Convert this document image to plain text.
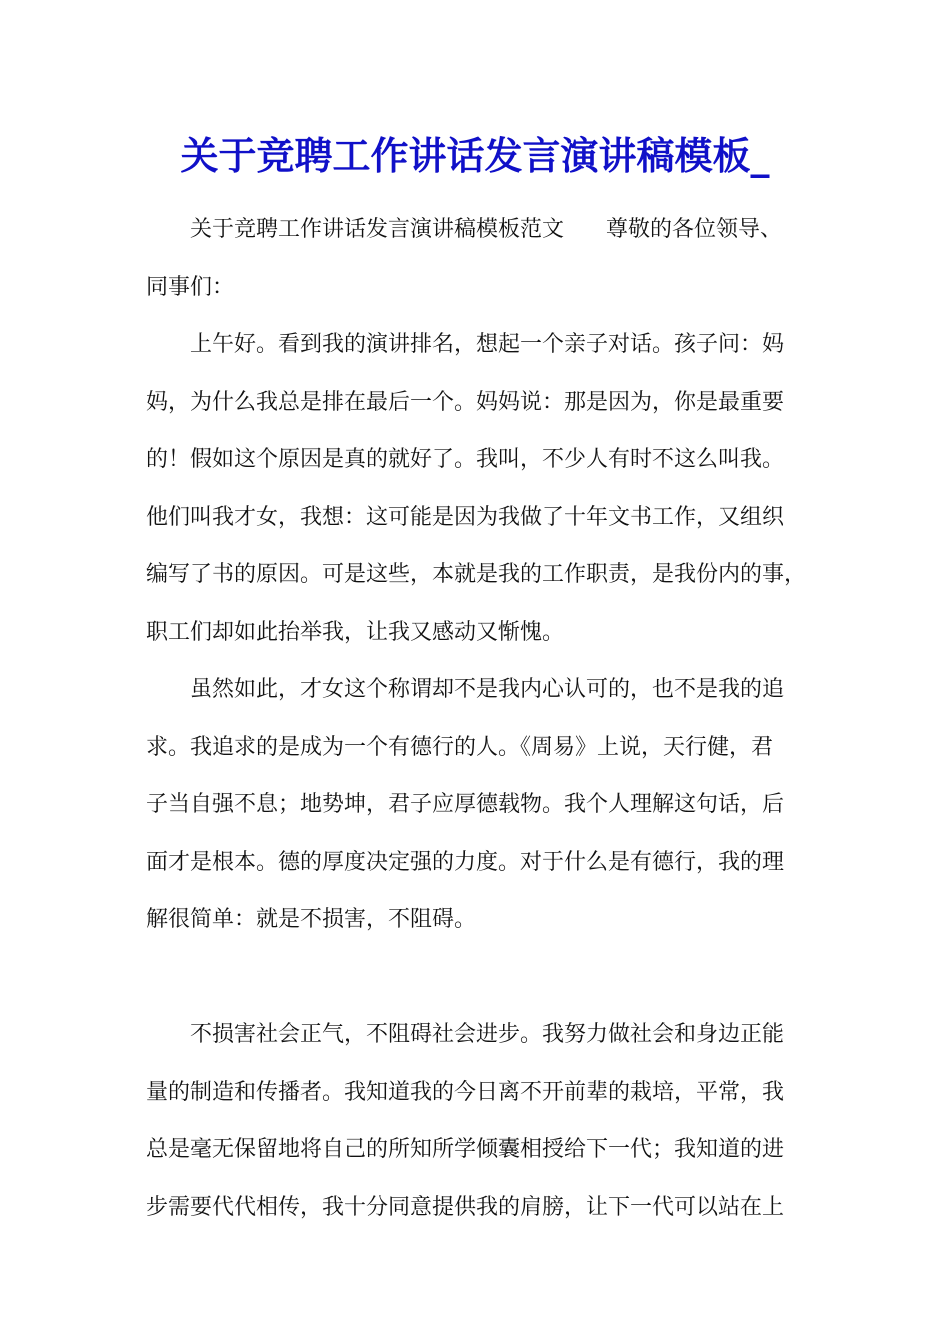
关于竞聘工作讲话发言演讲稿模板_
关于竞聘工作讲话发言演讲稿模板范文 尊敬的各位领导、
同事们：
上午好。看到我的演讲排名，想起一个亲子对话。孩子问：妈
妈，为什么我总是排在最后一个。妈妈说：那是因为，你是最重要
的！假如这个原因是真的就好了。我叫，不少人有时不这么叫我。
他们叫我才女，我想：这可能是因为我做了十年文书工作，又组织
编写了书的原因。可是这些，本就是我的工作职责，是我份内的事，
职工们却如此抬举我，让我又感动又惭愧。
虽然如此，才女这个称谓却不是我内心认可的，也不是我的追
求。我追求的是成为一个有德行的人。《周易》上说，天行健，君
子当自强不息；地势坤，君子应厚德载物。我个人理解这句话，后
面才是根本。德的厚度决定强的力度。对于什么是有德行，我的理
解很简单：就是不损害，不阻碍。
不损害社会正气，不阻碍社会进步。我努力做社会和身边正能
量的制造和传播者。我知道我的今日离不开前辈的栽培，平常，我
总是毫无保留地将自己的所知所学倾囊相授给下一代；我知道的进
步需要代代相传，我十分同意提供我的肩膀，让下一代可以站在上
